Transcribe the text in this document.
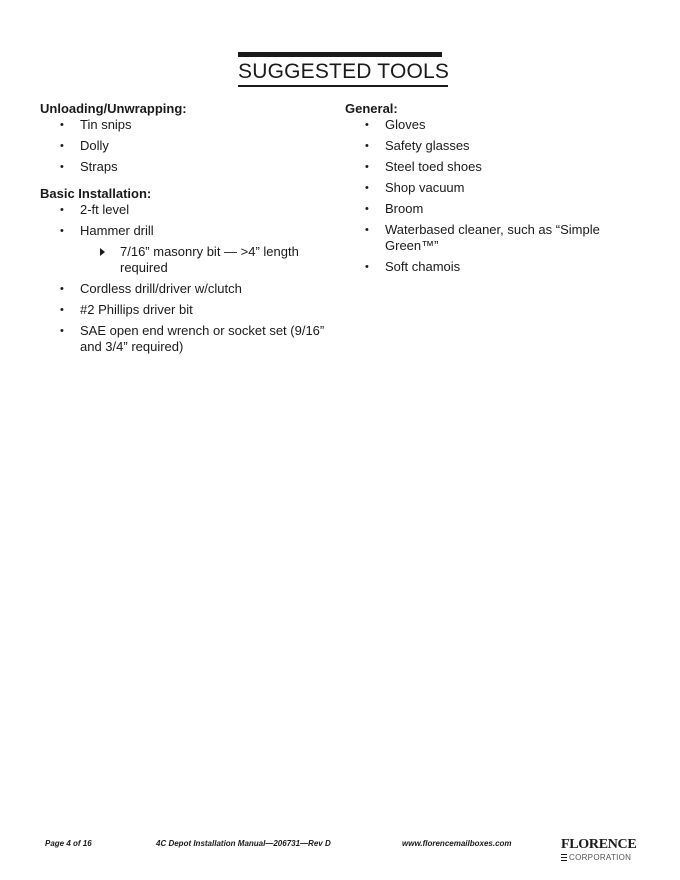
SUGGESTED TOOLS

Unloading/Unwrapping:

• Tin snips
• Dolly
• Straps

Basic Installation:

• 2-ft level
• Hammer drill
7/16” masonry bit — >4” length required
• Cordless drill/driver w/clutch
• #2 Phillips driver bit
• SAE open end wrench or socket set (9/16” and 3/4” required)

General:

• Gloves
• Safety glasses
• Steel toed shoes
• Shop vacuum
• Broom
• Waterbased cleaner, such as “Simple Green™”
• Soft chamois
Page 4 of 16	4C Depot Installation Manual—206731—Rev D	www.florencemailboxes.com	FLORENCE
CORPORATION
